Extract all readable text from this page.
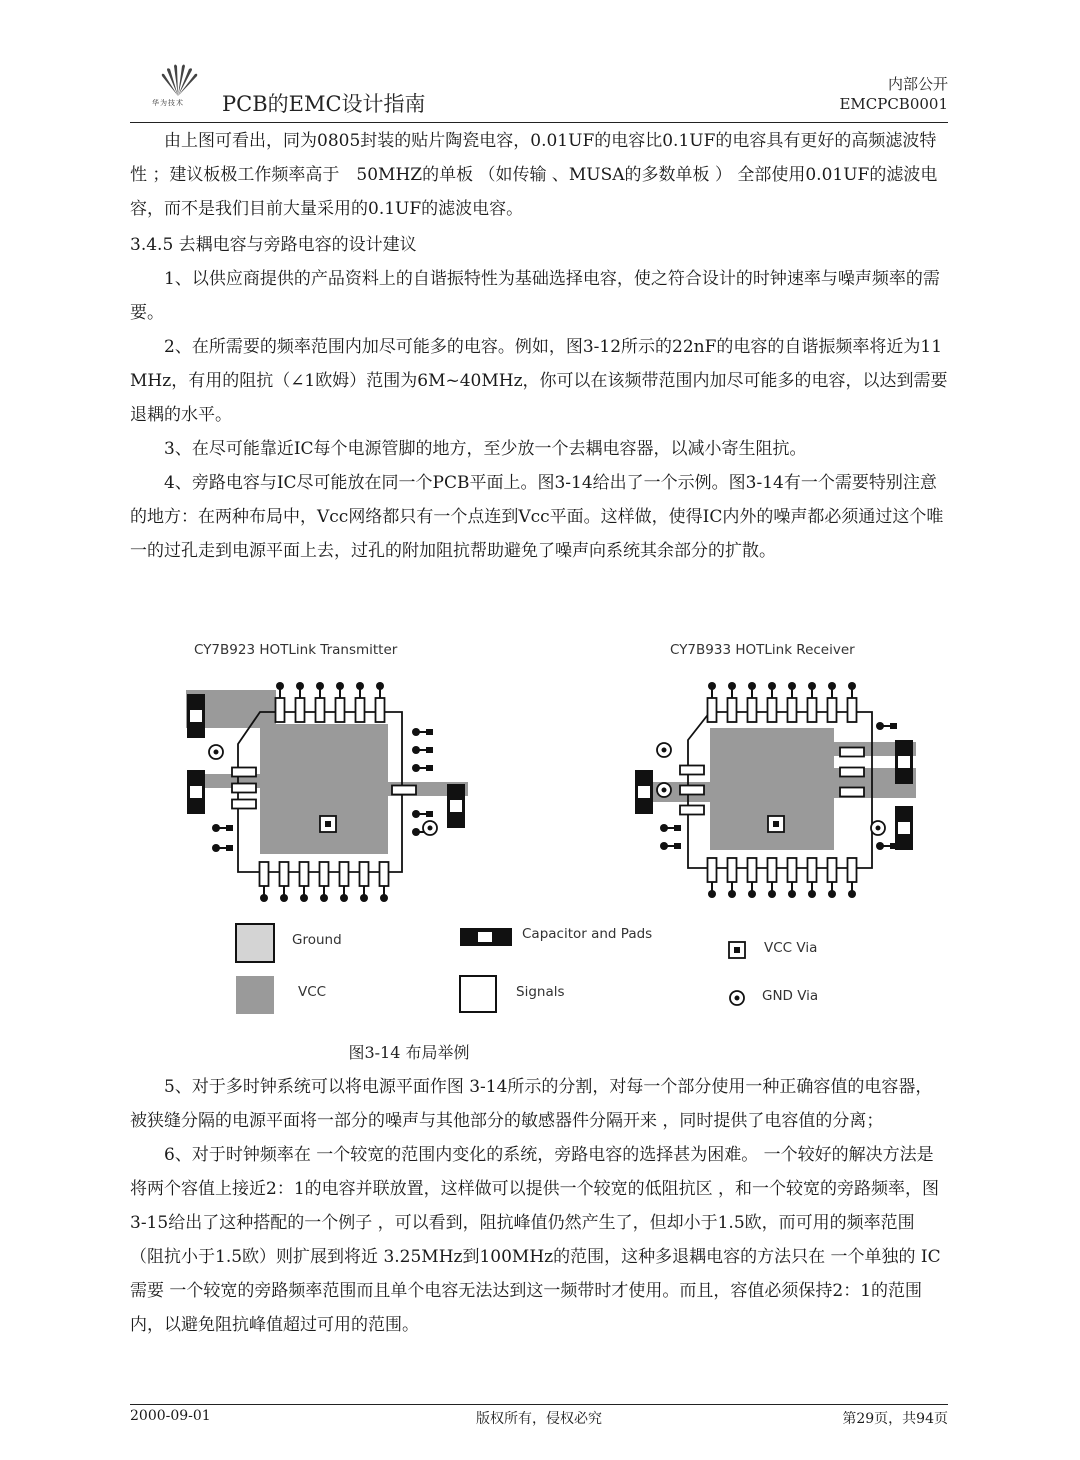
华为技术 PCB的EMC设计指南
内部公开
EMCPCB0001

由上图可看出，同为0805封装的贴片陶瓷电容，0.01UF的电容比0.1UF的电容具有更好的高频滤波特性 ；建议板极工作频率高于　50MHZ的单板 （如传输 、MUSA的多数单板 ） 全部使用0.01UF的滤波电容，而不是我们目前大量采用的0.1UF的滤波电容。

3.4.5 去耦电容与旁路电容的设计建议

1、以供应商提供的产品资料上的自谐振特性为基础选择电容，使之符合设计的时钟速率与噪声频率的需要。

2、在所需要的频率范围内加尽可能多的电容。例如，图3-12所示的22nF的电容的自谐振频率将近为11 MHz，有用的阻抗（∠1欧姆）范围为6M~40MHz，你可以在该频带范围内加尽可能多的电容，以达到需要退耦的水平。

3、在尽可能靠近IC每个电源管脚的地方，至少放一个去耦电容器，以减小寄生阻抗。

4、旁路电容与IC尽可能放在同一个PCB平面上。图3-14给出了一个示例。图3-14有一个需要特别注意的地方：在两种布局中，Vcc网络都只有一个点连到Vcc平面。这样做，使得IC内外的噪声都必须通过这个唯一的过孔走到电源平面上去，过孔的附加阻抗帮助避免了噪声向系统其余部分的扩散。

CY7B923 HOTLink Transmitter	CY7B933 HOTLink Receiver
Ground
VCC
Capacitor and Pads
Signals
VCC Via
GND Via
图3-14 布局举例

5、对于多时钟系统可以将电源平面作图 3-14所示的分割，对每一个部分使用一种正确容值的电容器，被狭缝分隔的电源平面将一部分的噪声与其他部分的敏感器件分隔开来 ，同时提供了电容值的分离；

6、对于时钟频率在 一个较宽的范围内变化的系统，旁路电容的选择甚为困难。 一个较好的解决方法是将两个容值上接近2：1的电容并联放置，这样做可以提供一个较宽的低阻抗区 ，和一个较宽的旁路频率，图3-15给出了这种搭配的一个例子 ，可以看到，阻抗峰值仍然产生了，但却小于1.5欧，而可用的频率范围 （阻抗小于1.5欧）则扩展到将近 3.25MHz到100MHz的范围，这种多退耦电容的方法只在 一个单独的 IC需要 一个较宽的旁路频率范围而且单个电容无法达到这一频带时才使用。而且，容值必须保持2：1的范围内，以避免阻抗峰值超过可用的范围。

2000-09-01	版权所有，侵权必究	第29页，共94页
